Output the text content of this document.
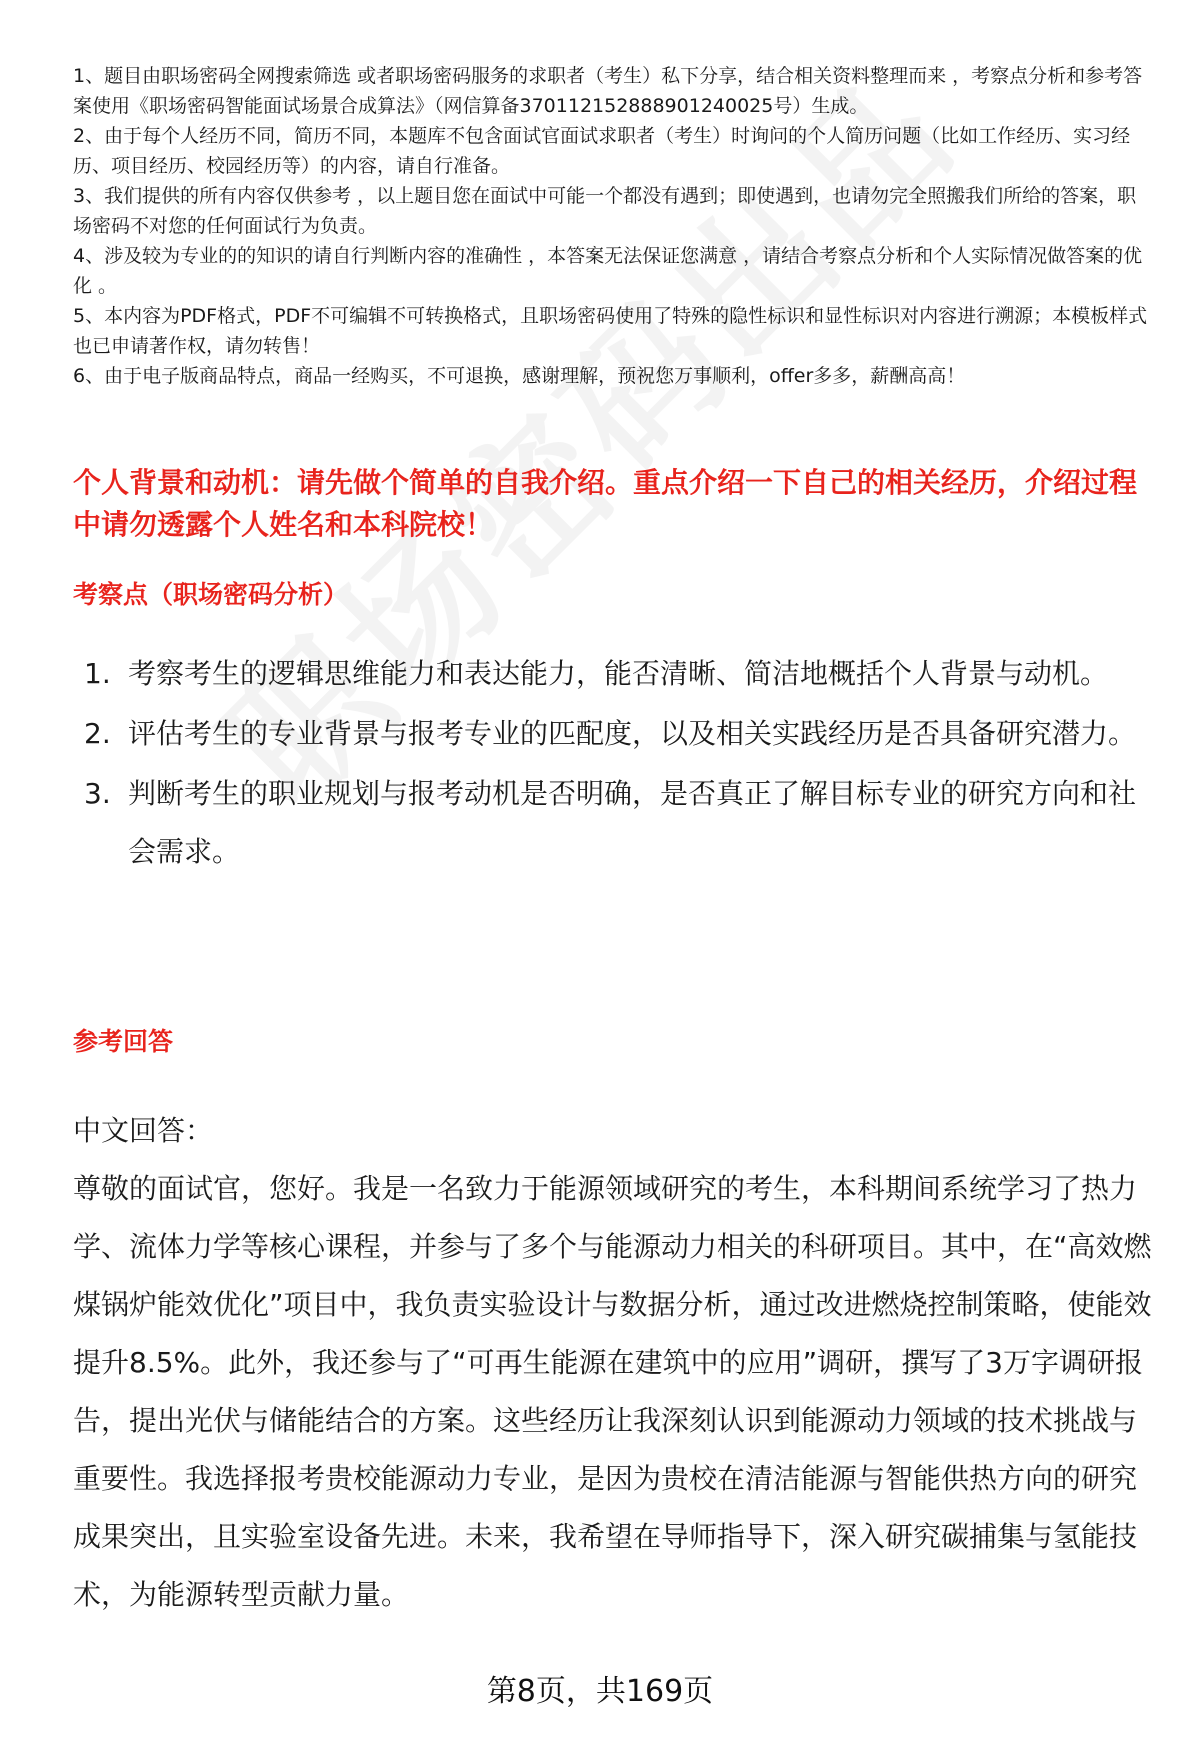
1、题目由职场密码全网搜索筛选 或者职场密码服务的求职者（考生）私下分享，结合相关资料整理而来 ，考察点分析和参考答案使用《职场密码智能面试场景合成算法》（网信算备370112152888901240025号）生成。

2、由于每个人经历不同，简历不同，本题库不包含面试官面试求职者（考生）时询问的个人简历问题（比如工作经历、实习经历、项目经历、校园经历等）的内容，请自行准备。

3、我们提供的所有内容仅供参考 ，以上题目您在面试中可能一个都没有遇到；即使遇到，也请勿完全照搬我们所给的答案，职场密码不对您的任何面试行为负责。

4、涉及较为专业的的知识的请自行判断内容的准确性 ，本答案无法保证您满意 ，请结合考察点分析和个人实际情况做答案的优化 。

5、本内容为PDF格式，PDF不可编辑不可转换格式，且职场密码使用了特殊的隐性标识和显性标识对内容进行溯源；本模板样式也已申请著作权，请勿转售！

6、由于电子版商品特点，商品一经购买，不可退换，感谢理解，预祝您万事顺利，offer多多，薪酬高高！

个人背景和动机：请先做个简单的自我介绍。重点介绍一下自己的相关经历，介绍过程中请勿透露个人姓名和本科院校！
考察点（职场密码分析）
1. 考察考生的逻辑思维能力和表达能力，能否清晰、简洁地概括个人背景与动机。
2. 评估考生的专业背景与报考专业的匹配度，以及相关实践经历是否具备研究潜力。
3. 判断考生的职业规划与报考动机是否明确，是否真正了解目标专业的研究方向和社会需求。
参考回答

中文回答：

尊敬的面试官，您好。我是一名致力于能源领域研究的考生，本科期间系统学习了热力学、流体力学等核心课程，并参与了多个与能源动力相关的科研项目。其中，在“高效燃煤锅炉能效优化”项目中，我负责实验设计与数据分析，通过改进燃烧控制策略，使能效提升8.5%。此外，我还参与了“可再生能源在建筑中的应用”调研，撰写了3万字调研报告，提出光伏与储能结合的方案。这些经历让我深刻认识到能源动力领域的技术挑战与重要性。我选择报考贵校能源动力专业，是因为贵校在清洁能源与智能供热方向的研究成果突出，且实验室设备先进。未来，我希望在导师指导下，深入研究碳捕集与氢能技术，为能源转型贡献力量。

第8页，共169页
